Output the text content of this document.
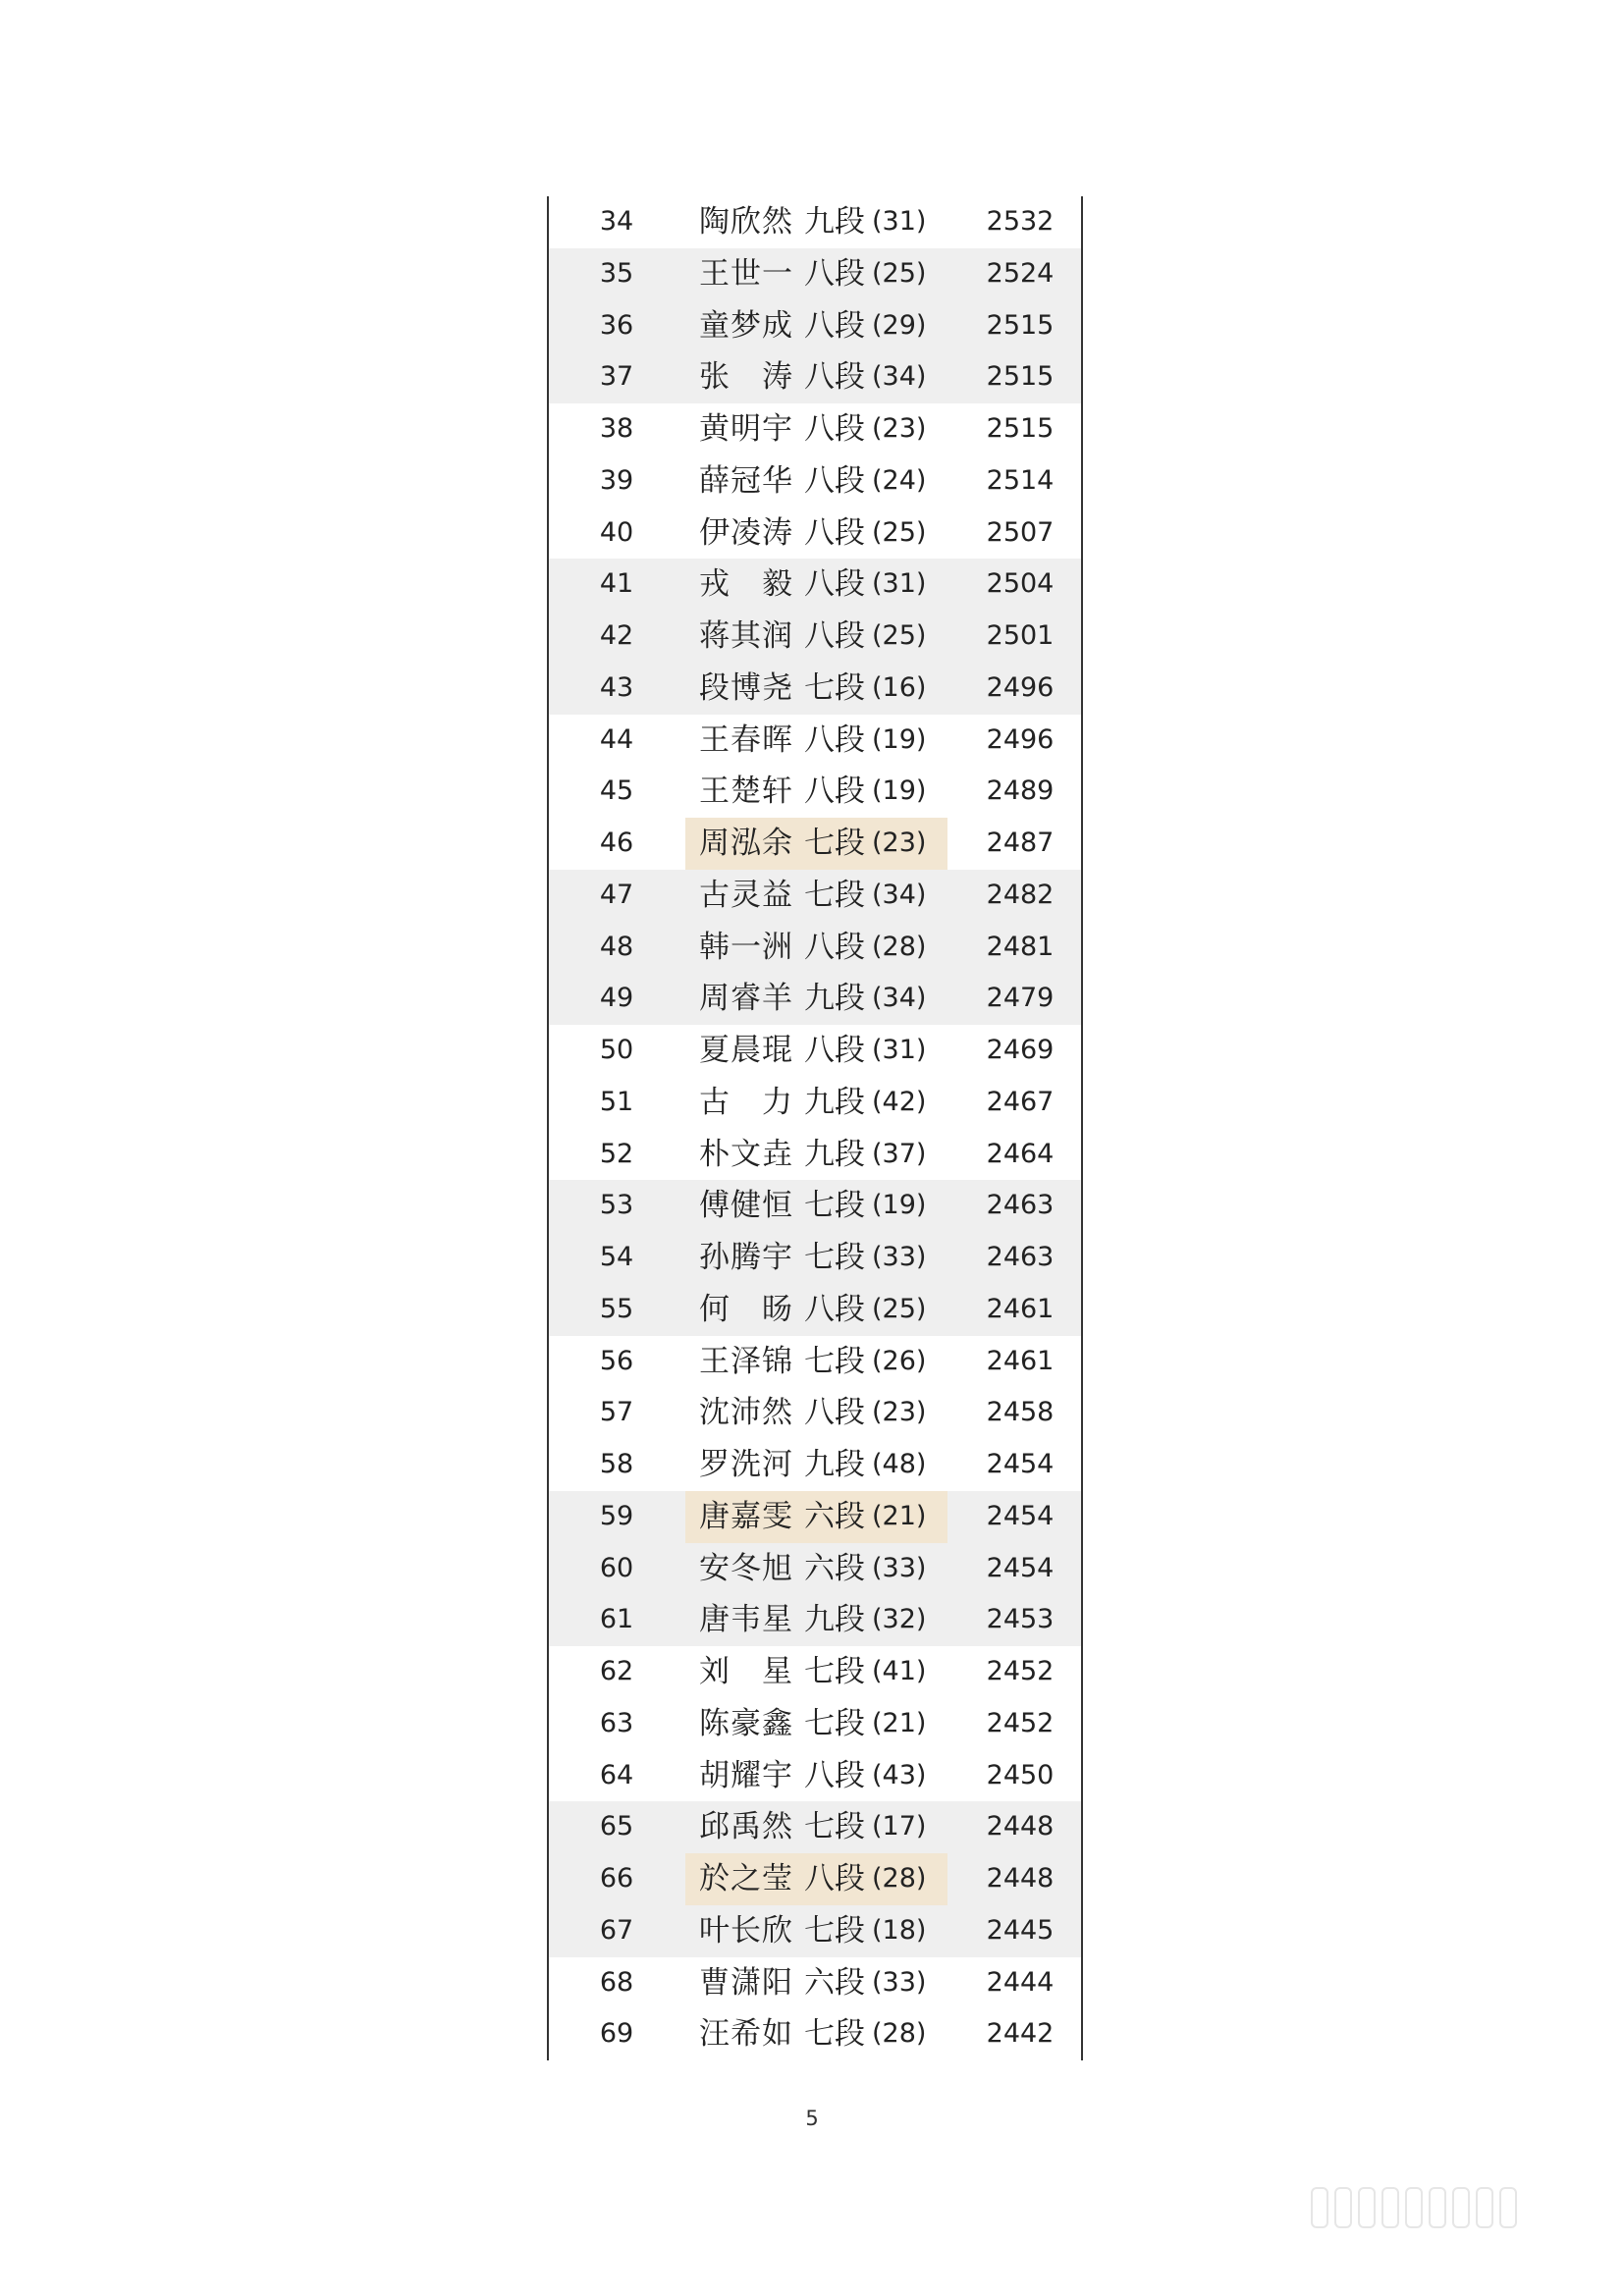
34	陶欣然 九段 (31)	2532
35	王世一 八段 (25)	2524
36	童梦成 八段 (29)	2515
37	张涛 八段 (34)	2515
38	黄明宇 八段 (23)	2515
39	薛冠华 八段 (24)	2514
40	伊凌涛 八段 (25)	2507
41	戎毅 八段 (31)	2504
42	蒋其润 八段 (25)	2501
43	段博尧 七段 (16)	2496
44	王春晖 八段 (19)	2496
45	王楚轩 八段 (19)	2489
46	周泓余 七段 (23)	2487
47	古灵益 七段 (34)	2482
48	韩一洲 八段 (28)	2481
49	周睿羊 九段 (34)	2479
50	夏晨琨 八段 (31)	2469
51	古力 九段 (42)	2467
52	朴文垚 九段 (37)	2464
53	傅健恒 七段 (19)	2463
54	孙腾宇 七段 (33)	2463
55	何旸 八段 (25)	2461
56	王泽锦 七段 (26)	2461
57	沈沛然 八段 (23)	2458
58	罗洗河 九段 (48)	2454
59	唐嘉雯 六段 (21)	2454
60	安冬旭 六段 (33)	2454
61	唐韦星 九段 (32)	2453
62	刘星 七段 (41)	2452
63	陈豪鑫 七段 (21)	2452
64	胡耀宇 八段 (43)	2450
65	邱禹然 七段 (17)	2448
66	於之莹 八段 (28)	2448
67	叶长欣 七段 (18)	2445
68	曹潇阳 六段 (33)	2444
69	汪希如 七段 (28)	2442
5
